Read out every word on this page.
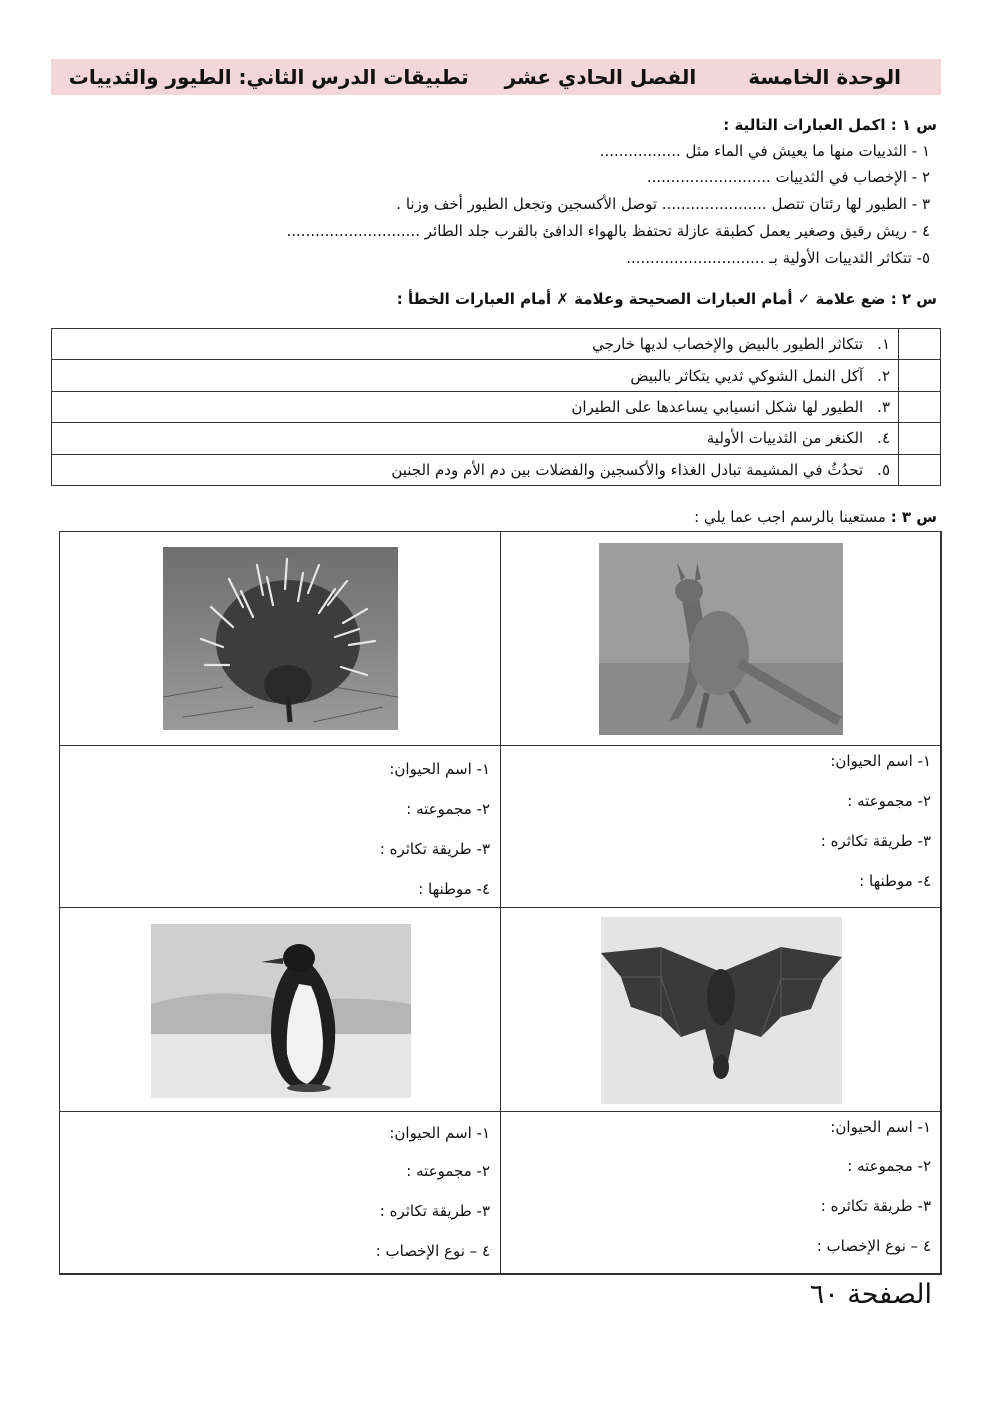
الوحدة الخامسة
الفصل الحادي عشر
تطبيقات الدرس الثاني: الطيور والثدييات
س ١ : اكمل العبارات التالية :
١ - الثدييات منها ما يعيش في الماء مثل .................
٢ - الإخصاب في الثدييات ..........................
٣ - الطيور لها رئتان تتصل ...................... توصل الأكسجين وتجعل الطيور أخف وزنا .
٤ - ريش رقيق وصغير يعمل كطبقة عازلة تحتفظ بالهواء الدافئ بالقرب جلد الطائر ............................
٥- تتكاثر الثدييات الأولية بـ .............................
س ٢ : ضع علامة ✓ أمام العبارات الصحيحة وعلامة ✗ أمام العبارات الخطأ :
	١. تتكاثر الطيور بالبيض والإخصاب لديها خارجي
	٢. آكل النمل الشوكي ثديي يتكاثر بالبيض
	٣. الطيور لها شكل انسيابي يساعدها على الطيران
	٤. الكنغر من الثدييات الأولية
	٥. تحدُثُ في المشيمة تبادل الغذاء والأكسجين والفضلات بين دم الأم ودم الجنين
س ٣ : مستعينا بالرسم اجب عما يلي :
١- اسم الحيوان:
٢- مجموعته :
٣- طريقة تكاثره :
٤- موطنها :
١- اسم الحيوان:
٢- مجموعته :
٣- طريقة تكاثره :
٤- موطنها :
١- اسم الحيوان:
٢- مجموعته :
٣- طريقة تكاثره :
٤ – نوع الإخصاب :
١- اسم الحيوان:
٢- مجموعته :
٣- طريقة تكاثره :
٤ – نوع الإخصاب :
الصفحة ٦٠
